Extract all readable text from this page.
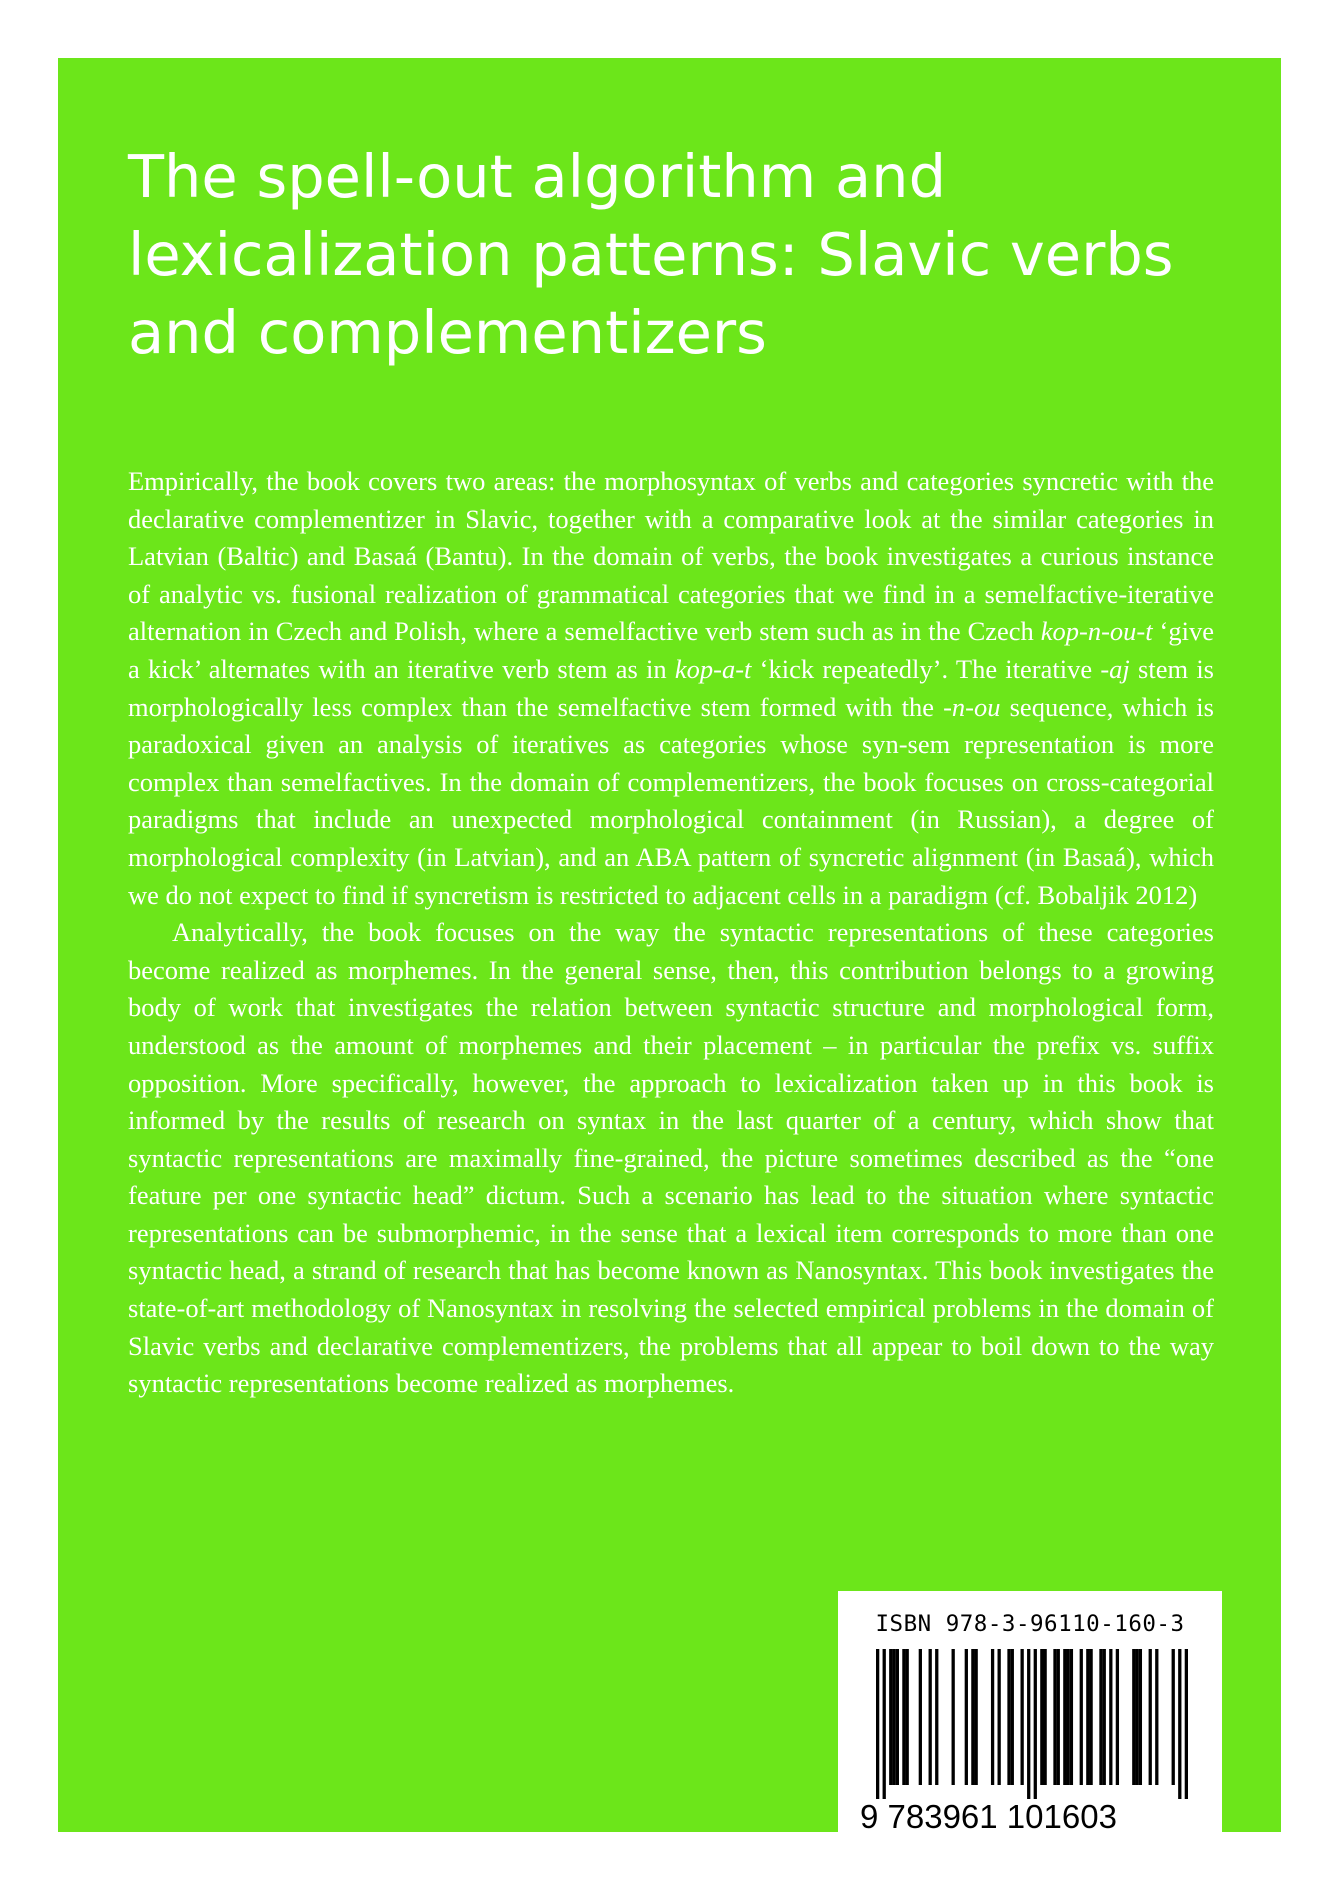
The spell-out algorithm and lexicalization patterns: Slavic verbs and complementizers

Empirically, the book covers two areas: the morphosyntax of verbs and categories syncretic with the declarative complementizer in Slavic, together with a comparative look at the similar categories in Latvian (Baltic) and Basaá (Bantu). In the domain of verbs, the book investigates a curious instance of analytic vs. fusional realization of grammatical categories that we find in a semelfactive-iterative alternation in Czech and Polish, where a semelfactive verb stem such as in the Czech kop-n-ou-t ‘give a kick’ alternates with an iterative verb stem as in kop-a-t ‘kick repeatedly’. The iterative -aj stem is morphologically less complex than the semelfactive stem formed with the -n-ou sequence, which is paradoxical given an analysis of iteratives as categories whose syn-sem representation is more complex than semelfactives. In the domain of complementizers, the book focuses on cross-categorial paradigms that include an unexpected morphological containment (in Russian), a degree of morphological complexity (in Latvian), and an ABA pattern of syncretic alignment (in Basaá), which we do not expect to find if syncretism is restricted to adjacent cells in a paradigm (cf. Bobaljik 2012)

Analytically, the book focuses on the way the syntactic representations of these categories become realized as morphemes. In the general sense, then, this contribution belongs to a growing body of work that investigates the relation between syntactic structure and morphological form, understood as the amount of morphemes and their placement – in particular the prefix vs. suffix opposition. More specifically, however, the approach to lexicalization taken up in this book is informed by the results of research on syntax in the last quarter of a century, which show that syntactic representations are maximally fine-grained, the picture sometimes described as the “one feature per one syntactic head” dictum. Such a scenario has lead to the situation where syntactic representations can be submorphemic, in the sense that a lexical item corresponds to more than one syntactic head, a strand of research that has become known as Nanosyntax. This book investigates the state-of-art methodology of Nanosyntax in resolving the selected empirical problems in the domain of Slavic verbs and declarative complementizers, the problems that all appear to boil down to the way syntactic representations become realized as morphemes.

ISBN 978-3-96110-160-3
9 783961 101603
